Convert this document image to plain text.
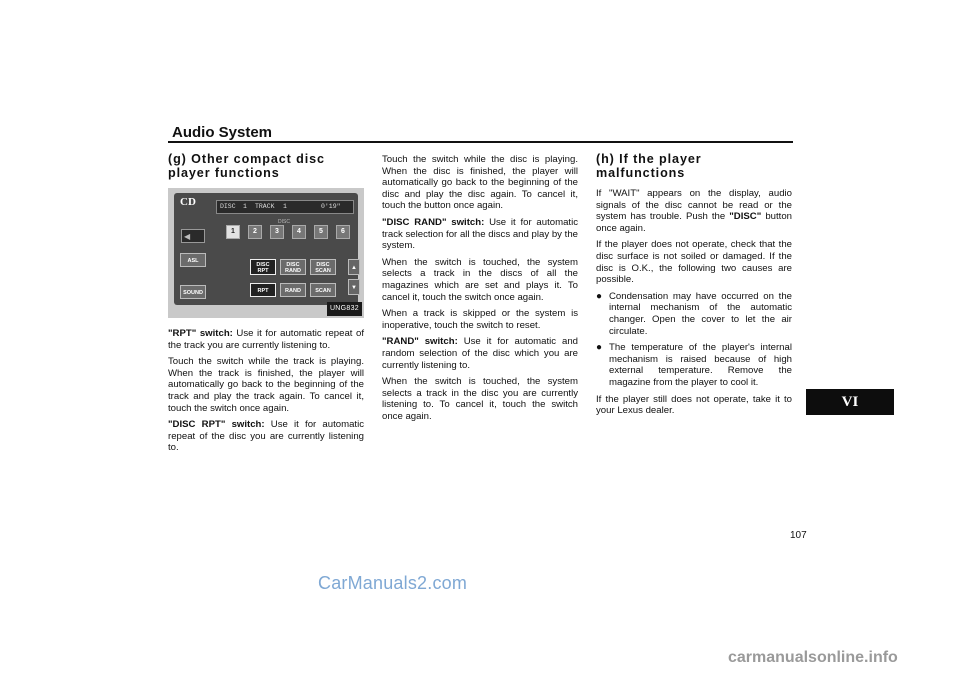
Audio System
(g) Other compact disc player functions
CD	DISC 1 TRACK 1	0'19"
◀
DISC
1	2	3	4	5	6
ASL
DISC RPT
DISC RAND
DISC SCAN
SOUND	RPT	RAND	SCAN
▲
▼
UNG832

"RPT" switch: Use it for automatic repeat of the track you are currently listening to.

Touch the switch while the track is playing. When the track is finished, the player will automatically go back to the beginning of the track and play the track again. To cancel it, touch the switch once again.

"DISC RPT" switch: Use it for automatic repeat of the disc you are currently listening to.

Touch the switch while the disc is playing. When the disc is finished, the player will automatically go back to the beginning of the disc and play the disc again. To cancel it, touch the button once again.

"DISC RAND" switch: Use it for automatic track selection for all the discs and play by the system.

When the switch is touched, the system selects a track in the discs of all the magazines which are set and plays it. To cancel it, touch the switch once again.

When a track is skipped or the system is inoperative, touch the switch to reset.

"RAND" switch: Use it for automatic and random selection of the disc which you are currently listening to.

When the switch is touched, the system selects a track in the disc you are currently listening to. To cancel it, touch the switch once again.

(h) If the player malfunctions

If "WAIT" appears on the display, audio signals of the disc cannot be read or the system has trouble. Push the "DISC" button once again.

If the player does not operate, check that the disc surface is not soiled or damaged. If the disc is O.K., the following two causes are possible.

● Condensation may have occurred on the internal mechanism of the automatic changer. Open the cover to let the air circulate.
● The temperature of the player's internal mechanism is raised because of high external temperature. Remove the magazine from the player to cool it.

If the player still does not operate, take it to your Lexus dealer.

VI
107
CarManuals2.com
carmanualsonline.info
